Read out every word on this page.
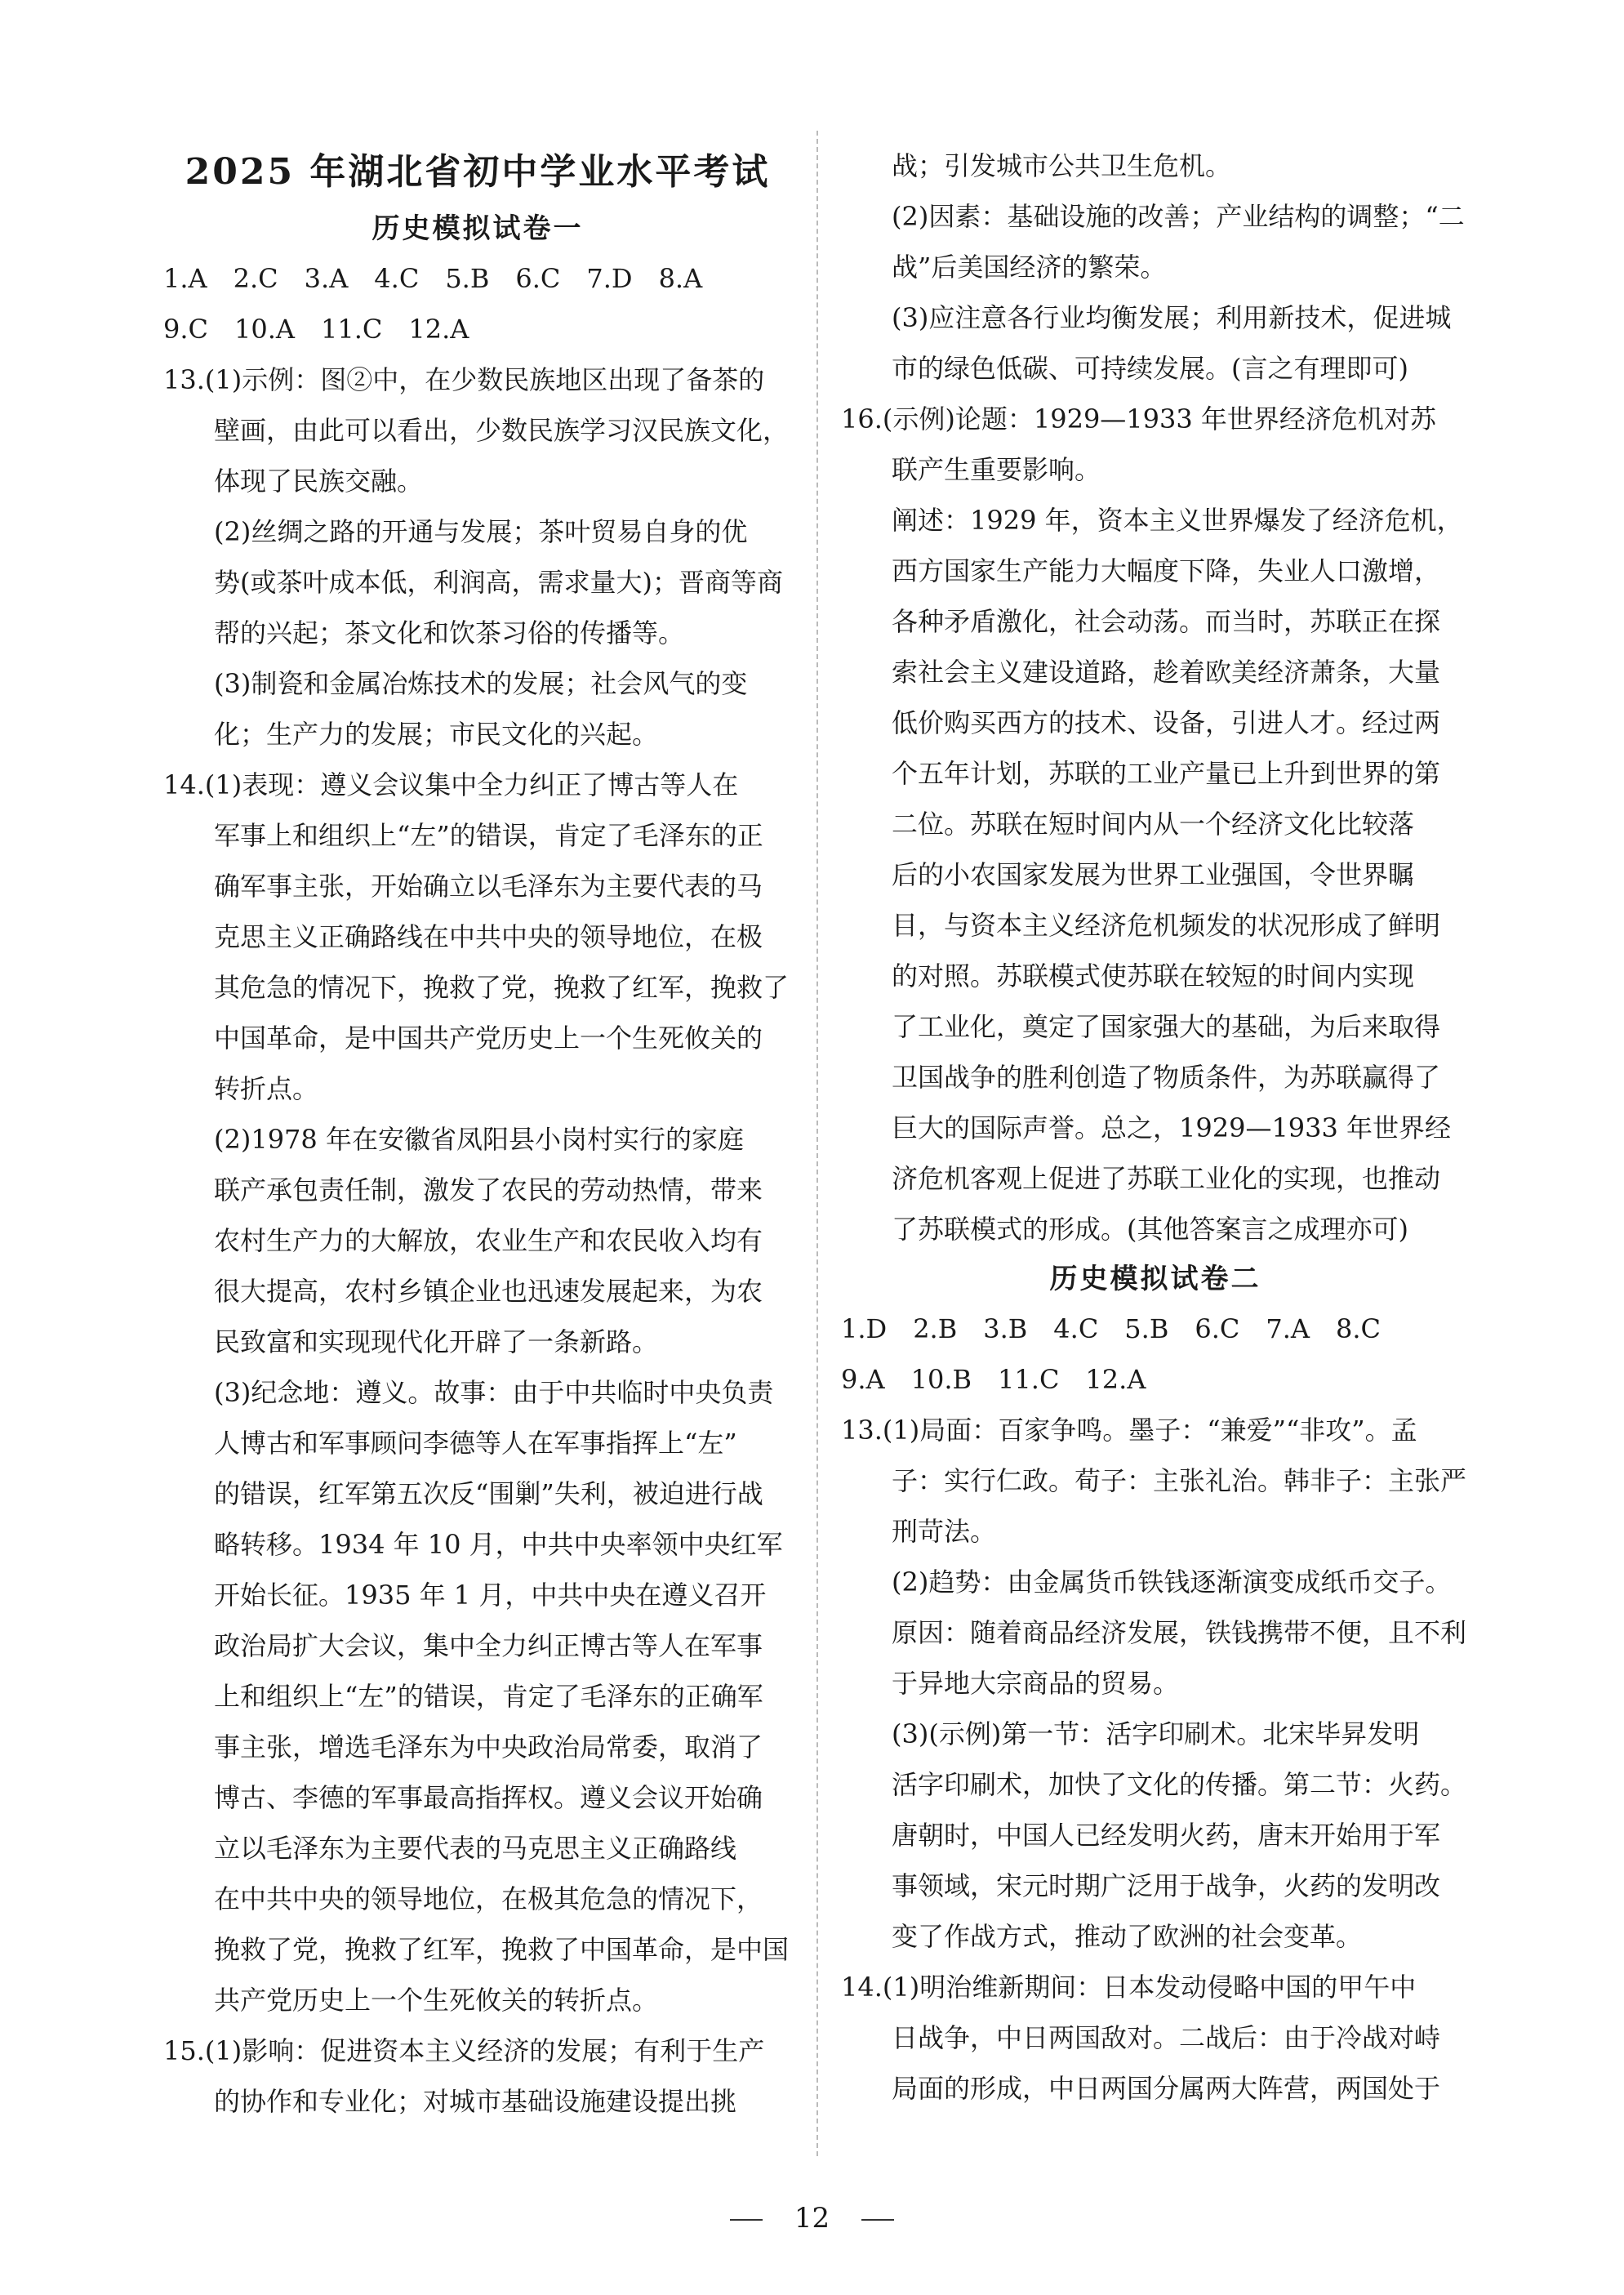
2025 年湖北省初中学业水平考试
历史模拟试卷一

1.A　2.C　3.A　4.C　5.B　6.C　7.D　8.A

9.C　10.A　11.C　12.A

13.(1)示例：图②中，在少数民族地区出现了备茶的

壁画，由此可以看出，少数民族学习汉民族文化，

体现了民族交融。

(2)丝绸之路的开通与发展；茶叶贸易自身的优

势(或茶叶成本低，利润高，需求量大)；晋商等商

帮的兴起；茶文化和饮茶习俗的传播等。

(3)制瓷和金属冶炼技术的发展；社会风气的变

化；生产力的发展；市民文化的兴起。

14.(1)表现：遵义会议集中全力纠正了博古等人在

军事上和组织上“左”的错误，肯定了毛泽东的正

确军事主张，开始确立以毛泽东为主要代表的马

克思主义正确路线在中共中央的领导地位，在极

其危急的情况下，挽救了党，挽救了红军，挽救了

中国革命，是中国共产党历史上一个生死攸关的

转折点。

(2)1978 年在安徽省凤阳县小岗村实行的家庭

联产承包责任制，激发了农民的劳动热情，带来

农村生产力的大解放，农业生产和农民收入均有

很大提高，农村乡镇企业也迅速发展起来，为农

民致富和实现现代化开辟了一条新路。

(3)纪念地：遵义。故事：由于中共临时中央负责

人博古和军事顾问李德等人在军事指挥上“左”

的错误，红军第五次反“围剿”失利，被迫进行战

略转移。1934 年 10 月，中共中央率领中央红军

开始长征。1935 年 1 月，中共中央在遵义召开

政治局扩大会议，集中全力纠正博古等人在军事

上和组织上“左”的错误，肯定了毛泽东的正确军

事主张，增选毛泽东为中央政治局常委，取消了

博古、李德的军事最高指挥权。遵义会议开始确

立以毛泽东为主要代表的马克思主义正确路线

在中共中央的领导地位，在极其危急的情况下，

挽救了党，挽救了红军，挽救了中国革命，是中国

共产党历史上一个生死攸关的转折点。

15.(1)影响：促进资本主义经济的发展；有利于生产

的协作和专业化；对城市基础设施建设提出挑

战；引发城市公共卫生危机。

(2)因素：基础设施的改善；产业结构的调整；“二

战”后美国经济的繁荣。

(3)应注意各行业均衡发展；利用新技术，促进城

市的绿色低碳、可持续发展。(言之有理即可)

16.(示例)论题：1929—1933 年世界经济危机对苏

联产生重要影响。

阐述：1929 年，资本主义世界爆发了经济危机，

西方国家生产能力大幅度下降，失业人口激增，

各种矛盾激化，社会动荡。而当时，苏联正在探

索社会主义建设道路，趁着欧美经济萧条，大量

低价购买西方的技术、设备，引进人才。经过两

个五年计划，苏联的工业产量已上升到世界的第

二位。苏联在短时间内从一个经济文化比较落

后的小农国家发展为世界工业强国，令世界瞩

目，与资本主义经济危机频发的状况形成了鲜明

的对照。苏联模式使苏联在较短的时间内实现

了工业化，奠定了国家强大的基础，为后来取得

卫国战争的胜利创造了物质条件，为苏联赢得了

巨大的国际声誉。总之，1929—1933 年世界经

济危机客观上促进了苏联工业化的实现，也推动

了苏联模式的形成。(其他答案言之成理亦可)

历史模拟试卷二

1.D　2.B　3.B　4.C　5.B　6.C　7.A　8.C

9.A　10.B　11.C　12.A

13.(1)局面：百家争鸣。墨子：“兼爱”“非攻”。孟

子：实行仁政。荀子：主张礼治。韩非子：主张严

刑苛法。

(2)趋势：由金属货币铁钱逐渐演变成纸币交子。

原因：随着商品经济发展，铁钱携带不便，且不利

于异地大宗商品的贸易。

(3)(示例)第一节：活字印刷术。北宋毕昇发明

活字印刷术，加快了文化的传播。第二节：火药。

唐朝时，中国人已经发明火药，唐末开始用于军

事领域，宋元时期广泛用于战争，火药的发明改

变了作战方式，推动了欧洲的社会变革。

14.(1)明治维新期间：日本发动侵略中国的甲午中

日战争，中日两国敌对。二战后：由于冷战对峙

局面的形成，中日两国分属两大阵营，两国处于

12
